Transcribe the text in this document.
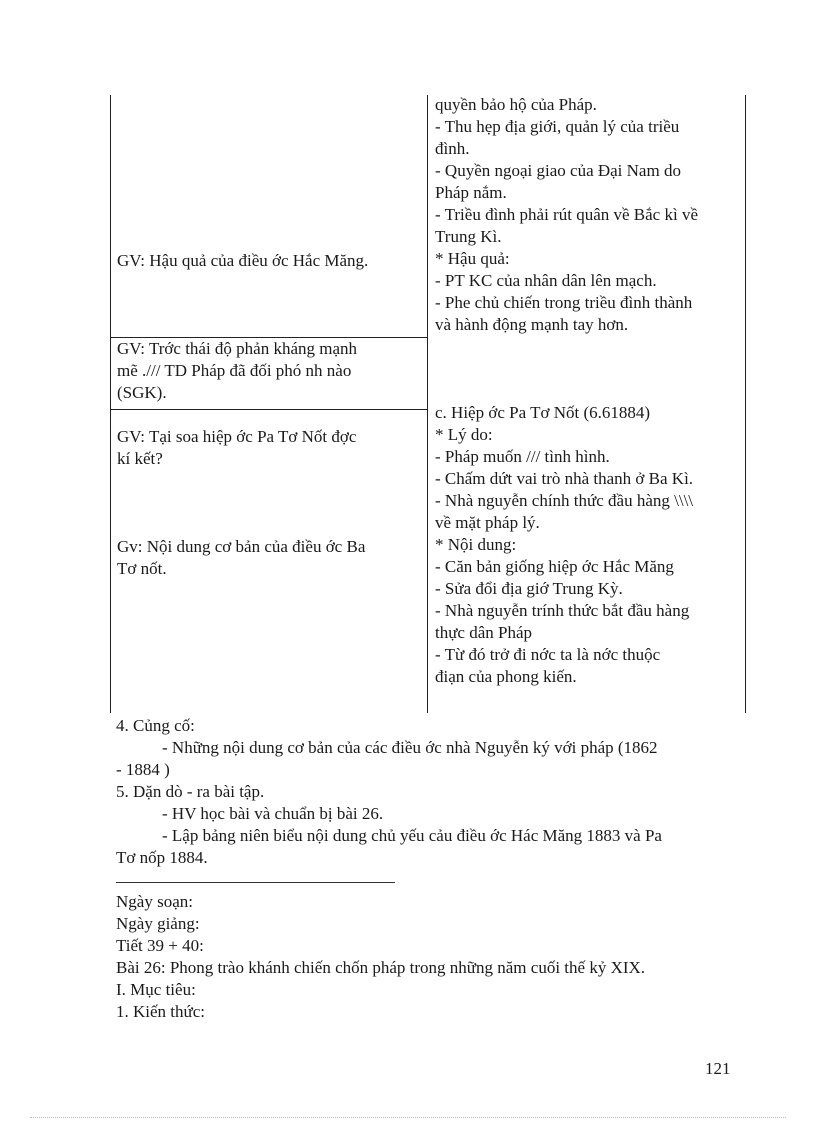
GV: Hậu quả của điều ớc Hắc Măng.
GV: Trớc thái độ phản kháng mạnh
mẽ ./// TD Pháp đã đối phó nh nào
(SGK).
GV: Tại soa hiệp ớc Pa Tơ Nốt đợc
kí kết?
Gv: Nội dung cơ bản của điều ớc Ba
Tơ nốt.
quyền bảo hộ của Pháp.
- Thu hẹp địa giới, quản lý của triều
đình.
- Quyền ngoại giao của Đại Nam do
Pháp nắm.
- Triều đình phải rút quân về Bắc kì về
Trung Kì.
* Hậu quả:
- PT KC của nhân dân lên mạch.
- Phe chủ chiến trong triều đình thành
và hành động mạnh tay hơn.
c. Hiệp ớc Pa Tơ Nốt (6.61884)
* Lý do:
- Pháp muốn /// tình hình.
- Chấm dứt vai trò nhà thanh ở Ba Kì.
- Nhà nguyễn chính thức đầu hàng \\\\
về mặt pháp lý.
* Nội dung:
- Căn bản giống hiệp ớc Hắc Măng
- Sửa đổi địa giớ Trung Kỳ.
- Nhà nguyễn trính thức bắt đầu hàng
thực dân Pháp
- Từ đó trở đi nớc ta là nớc thuộc
điạn của phong kiến.
4. Củng cố:
- Những nội dung cơ bản của các điều ớc nhà Nguyễn ký với pháp (1862
- 1884 )
5. Dặn dò - ra bài tập.
- HV học bài và chuẩn bị bài 26.
- Lập bảng niên biểu nội dung chủ yếu cảu điều ớc Hác Măng 1883 và Pa
Tơ nốp 1884.
Ngày soạn:
Ngày giảng:
Tiết 39 + 40:
Bài 26: Phong trào khánh chiến chốn pháp trong những năm cuối thế kỷ XIX.
I. Mục tiêu:
1. Kiến thức:
121
